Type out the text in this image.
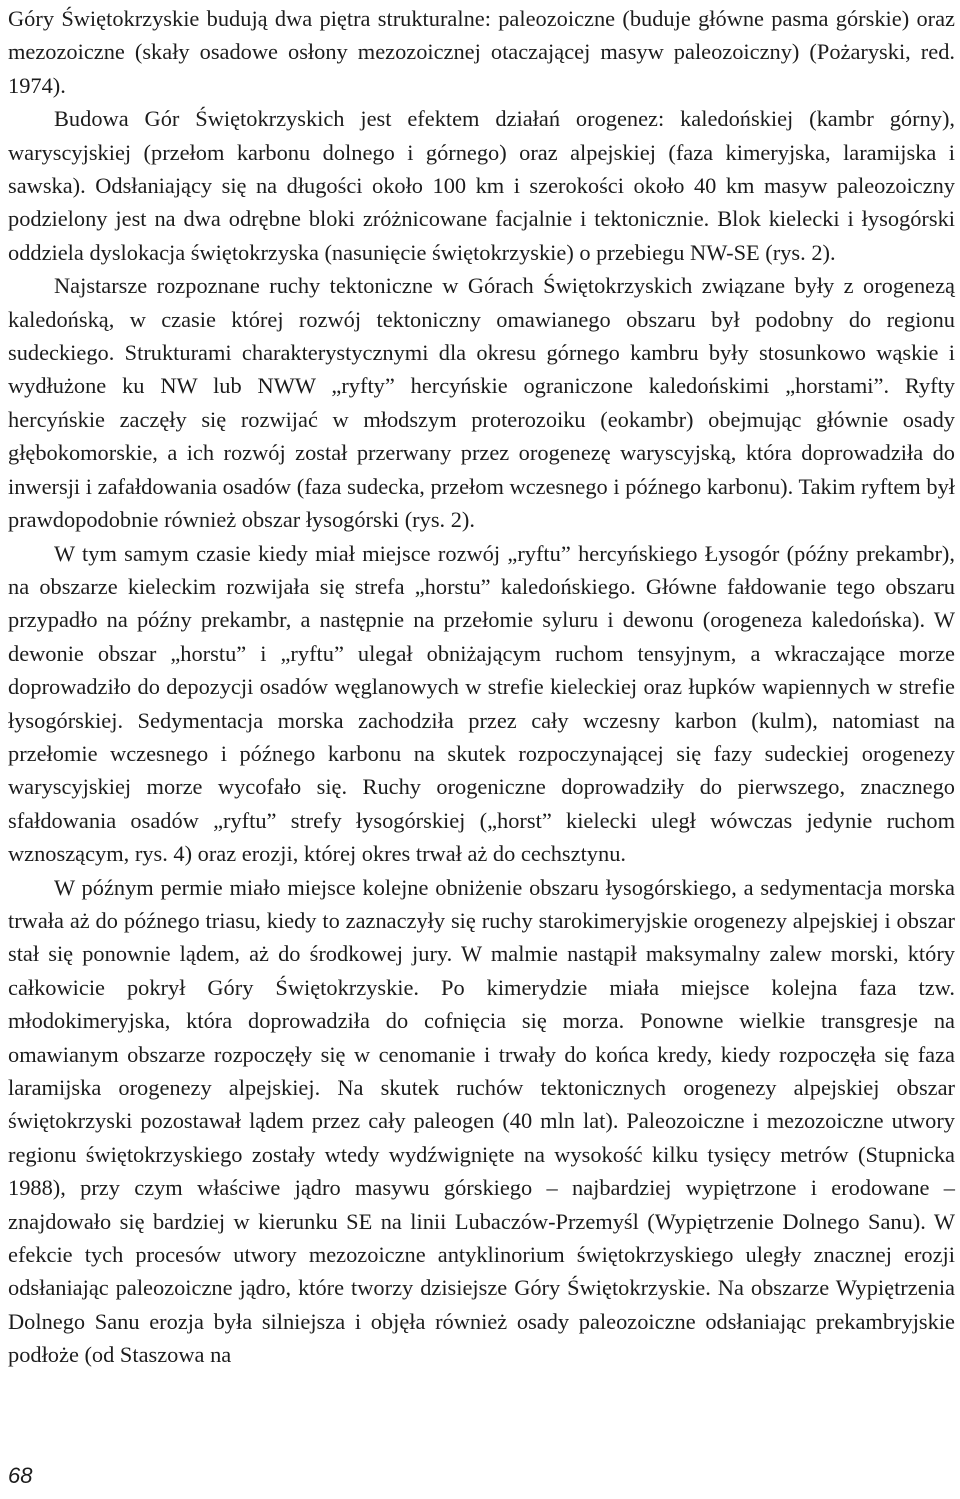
Góry Świętokrzyskie budują dwa piętra strukturalne: paleozoiczne (buduje główne pasma górskie) oraz mezozoiczne (skały osadowe osłony mezozoicznej otaczającej masyw paleozoiczny) (Pożaryski, red. 1974).

Budowa Gór Świętokrzyskich jest efektem działań orogenez: kaledońskiej (kambr górny), waryscyjskiej (przełom karbonu dolnego i górnego) oraz alpejskiej (faza kimeryjska, laramijska i sawska). Odsłaniający się na długości około 100 km i szerokości około 40 km masyw paleozoiczny podzielony jest na dwa odrębne bloki zróżnicowane facjalnie i tektonicznie. Blok kielecki i łysogórski oddziela dyslokacja świętokrzyska (nasunięcie świętokrzyskie) o przebiegu NW-SE (rys. 2).

Najstarsze rozpoznane ruchy tektoniczne w Górach Świętokrzyskich związane były z orogenezą kaledońską, w czasie której rozwój tektoniczny omawianego obszaru był podobny do regionu sudeckiego. Strukturami charakterystycznymi dla okresu górnego kambru były stosunkowo wąskie i wydłużone ku NW lub NWW „ryfty” hercyńskie ograniczone kaledońskimi „horstami”. Ryfty hercyńskie zaczęły się rozwijać w młodszym proterozoiku (eokambr) obejmując głównie osady głębokomorskie, a ich rozwój został przerwany przez orogenezę waryscyjską, która doprowadziła do inwersji i zafałdowania osadów (faza sudecka, przełom wczesnego i późnego karbonu). Takim ryftem był prawdopodobnie również obszar łysogórski (rys. 2).

W tym samym czasie kiedy miał miejsce rozwój „ryftu” hercyńskiego Łysogór (późny prekambr), na obszarze kieleckim rozwijała się strefa „horstu” kaledońskiego. Główne fałdowanie tego obszaru przypadło na późny prekambr, a następnie na przełomie syluru i dewonu (orogeneza kaledońska). W dewonie obszar „horstu” i „ryftu” ulegał obniżającym ruchom tensyjnym, a wkraczające morze doprowadziło do depozycji osadów węglanowych w strefie kieleckiej oraz łupków wapiennych w strefie łysogórskiej. Sedymentacja morska zachodziła przez cały wczesny karbon (kulm), natomiast na przełomie wczesnego i późnego karbonu na skutek rozpoczynającej się fazy sudeckiej orogenezy waryscyjskiej morze wycofało się. Ruchy orogeniczne doprowadziły do pierwszego, znacznego sfałdowania osadów „ryftu” strefy łysogórskiej („horst” kielecki uległ wówczas jedynie ruchom wznoszącym, rys. 4) oraz erozji, której okres trwał aż do cechsztynu.

W późnym permie miało miejsce kolejne obniżenie obszaru łysogórskiego, a sedymentacja morska trwała aż do późnego triasu, kiedy to zaznaczyły się ruchy starokimeryjskie orogenezy alpejskiej i obszar stał się ponownie lądem, aż do środkowej jury. W malmie nastąpił maksymalny zalew morski, który całkowicie pokrył Góry Świętokrzyskie. Po kimerydzie miała miejsce kolejna faza tzw. młodokimeryjska, która doprowadziła do cofnięcia się morza. Ponowne wielkie transgresje na omawianym obszarze rozpoczęły się w cenomanie i trwały do końca kredy, kiedy rozpoczęła się faza laramijska orogenezy alpejskiej. Na skutek ruchów tektonicznych orogenezy alpejskiej obszar świętokrzyski pozostawał lądem przez cały paleogen (40 mln lat). Paleozoiczne i mezozoiczne utwory regionu świętokrzyskiego zostały wtedy wydźwignięte na wysokość kilku tysięcy metrów (Stupnicka 1988), przy czym właściwe jądro masywu górskiego – najbardziej wypiętrzone i erodowane – znajdowało się bardziej w kierunku SE na linii Lubaczów-Przemyśl (Wypiętrzenie Dolnego Sanu). W efekcie tych procesów utwory mezozoiczne antyklinorium świętokrzyskiego uległy znacznej erozji odsłaniając paleozoiczne jądro, które tworzy dzisiejsze Góry Świętokrzyskie. Na obszarze Wypiętrzenia Dolnego Sanu erozja była silniejsza i objęła również osady paleozoiczne odsłaniając prekambryjskie podłoże (od Staszowa na

68
